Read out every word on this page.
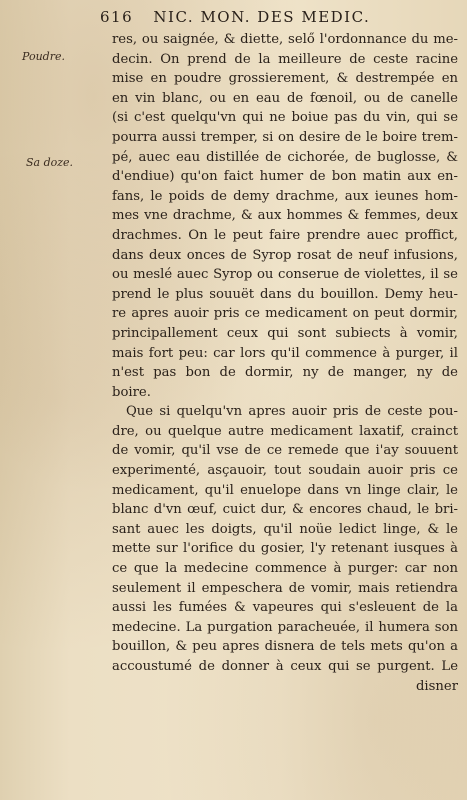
616 NIC. MON. DES MEDIC.
Poudre.
Sa doze.
res, ou saignée, & diette, selő l'ordonnance du me-
decin. On prend de la meilleure de ceste racine
mise en poudre grossierement, & destrempée en
en vin blanc, ou en eau de fœnoil, ou de canelle
(si c'est quelqu'vn qui ne boiue pas du vin, qui se
pourra aussi tremper, si on desire de le boire trem-
pé, auec eau distillée de cichorée, de buglosse, &
d'endiue) qu'on faict humer de bon matin aux en-
fans, le poids de demy drachme, aux ieunes hom-
mes vne drachme, & aux hommes & femmes, deux
drachmes. On le peut faire prendre auec proffict,
dans deux onces de Syrop rosat de neuf infusions,
ou meslé auec Syrop ou conserue de violettes, il se
prend le plus souuët dans du bouillon. Demy heu-
re apres auoir pris ce medicament on peut dormir,
principallement ceux qui sont subiects à vomir,
mais fort peu: car lors qu'il commence à purger, il
n'est pas bon de dormir, ny de manger, ny de
boire.
Que si quelqu'vn apres auoir pris de ceste pou-
dre, ou quelque autre medicament laxatif, crainct
de vomir, qu'il vse de ce remede que i'ay souuent
experimenté, asçauoir, tout soudain auoir pris ce
medicament, qu'il enuelope dans vn linge clair, le
blanc d'vn œuf, cuict dur, & encores chaud, le bri-
sant auec les doigts, qu'il noüe ledict linge, & le
mette sur l'orifice du gosier, l'y retenant iusques à
ce que la medecine commence à purger: car non
seulement il empeschera de vomir, mais retiendra
aussi les fumées & vapeures qui s'esleuent de la
medecine. La purgation paracheuée, il humera son
bouillon, & peu apres disnera de tels mets qu'on a
accoustumé de donner à ceux qui se purgent. Le
disner
